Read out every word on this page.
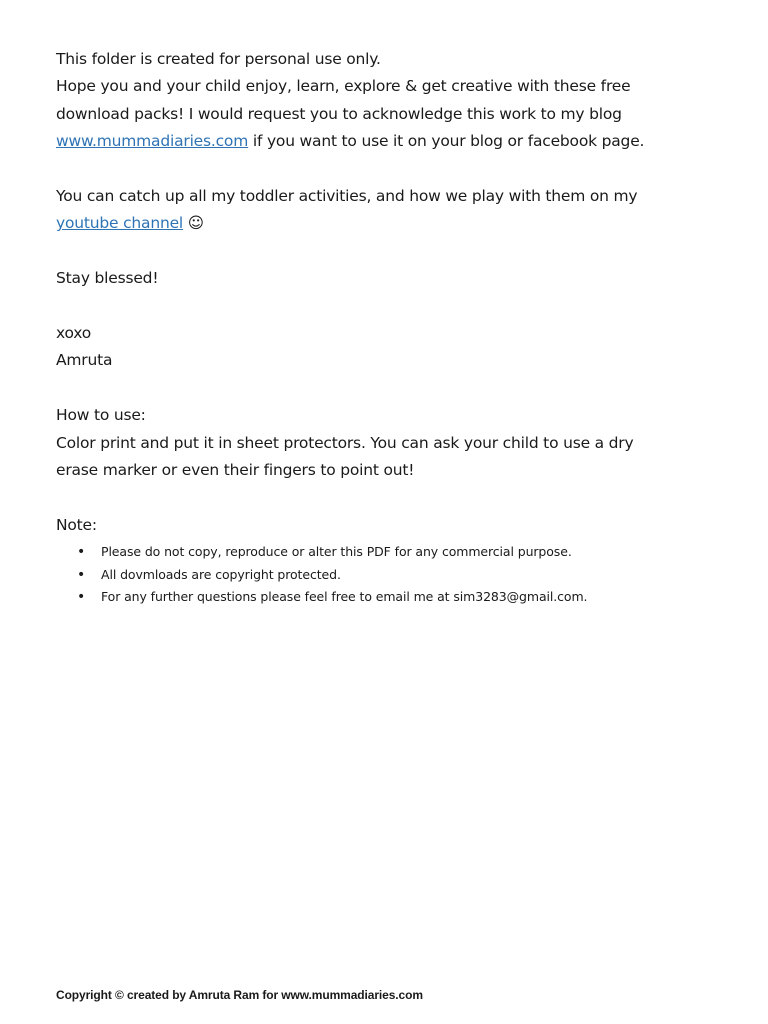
This folder is created for personal use only.
Hope you and your child enjoy, learn, explore & get creative with these free
download packs! I would request you to acknowledge this work to my blog
www.mummadiaries.com if you want to use it on your blog or facebook page.
You can catch up all my toddler activities, and how we play with them on my
youtube channel ☺
Stay blessed!
xoxo
Amruta
How to use:
Color print and put it in sheet protectors. You can ask your child to use a dry
erase marker or even their fingers to point out!
Note:
• Please do not copy, reproduce or alter this PDF for any commercial purpose.
• All dovmloads are copyright protected.
• For any further questions please feel free to email me at sim3283@gmail.com.
Copyright © created by Amruta Ram for www.mummadiaries.com
